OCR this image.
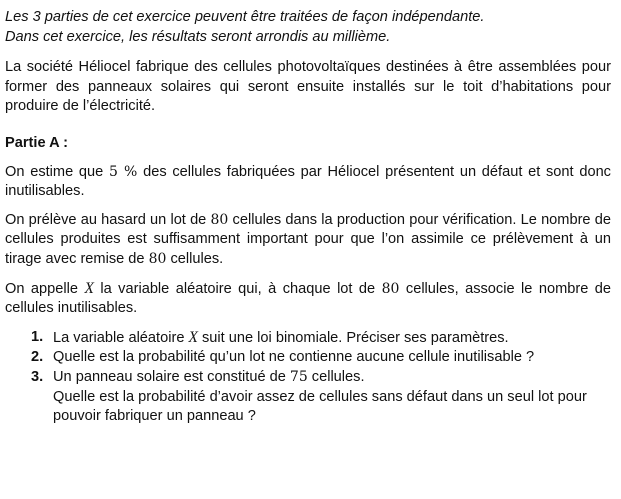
Les 3 parties de cet exercice peuvent être traitées de façon indépendante.
Dans cet exercice, les résultats seront arrondis au millième.

La société Héliocel fabrique des cellules photovoltaïques destinées à être assemblées pour former des panneaux solaires qui seront ensuite installés sur le toit d’habitations pour produire de l’électricité.

Partie A :

On estime que 5 % des cellules fabriquées par Héliocel présentent un défaut et sont donc inutilisables.

On prélève au hasard un lot de 80 cellules dans la production pour vérification. Le nombre de cellules produites est suffisamment important pour que l’on assimile ce prélèvement à un tirage avec remise de 80 cellules.

On appelle X la variable aléatoire qui, à chaque lot de 80 cellules, associe le nombre de cellules inutilisables.

1. La variable aléatoire X suit une loi binomiale. Préciser ses paramètres.
2. Quelle est la probabilité qu’un lot ne contienne aucune cellule inutilisable ?
3. Un panneau solaire est constitué de 75 cellules.
Quelle est la probabilité d’avoir assez de cellules sans défaut dans un seul lot pour pouvoir fabriquer un panneau ?
